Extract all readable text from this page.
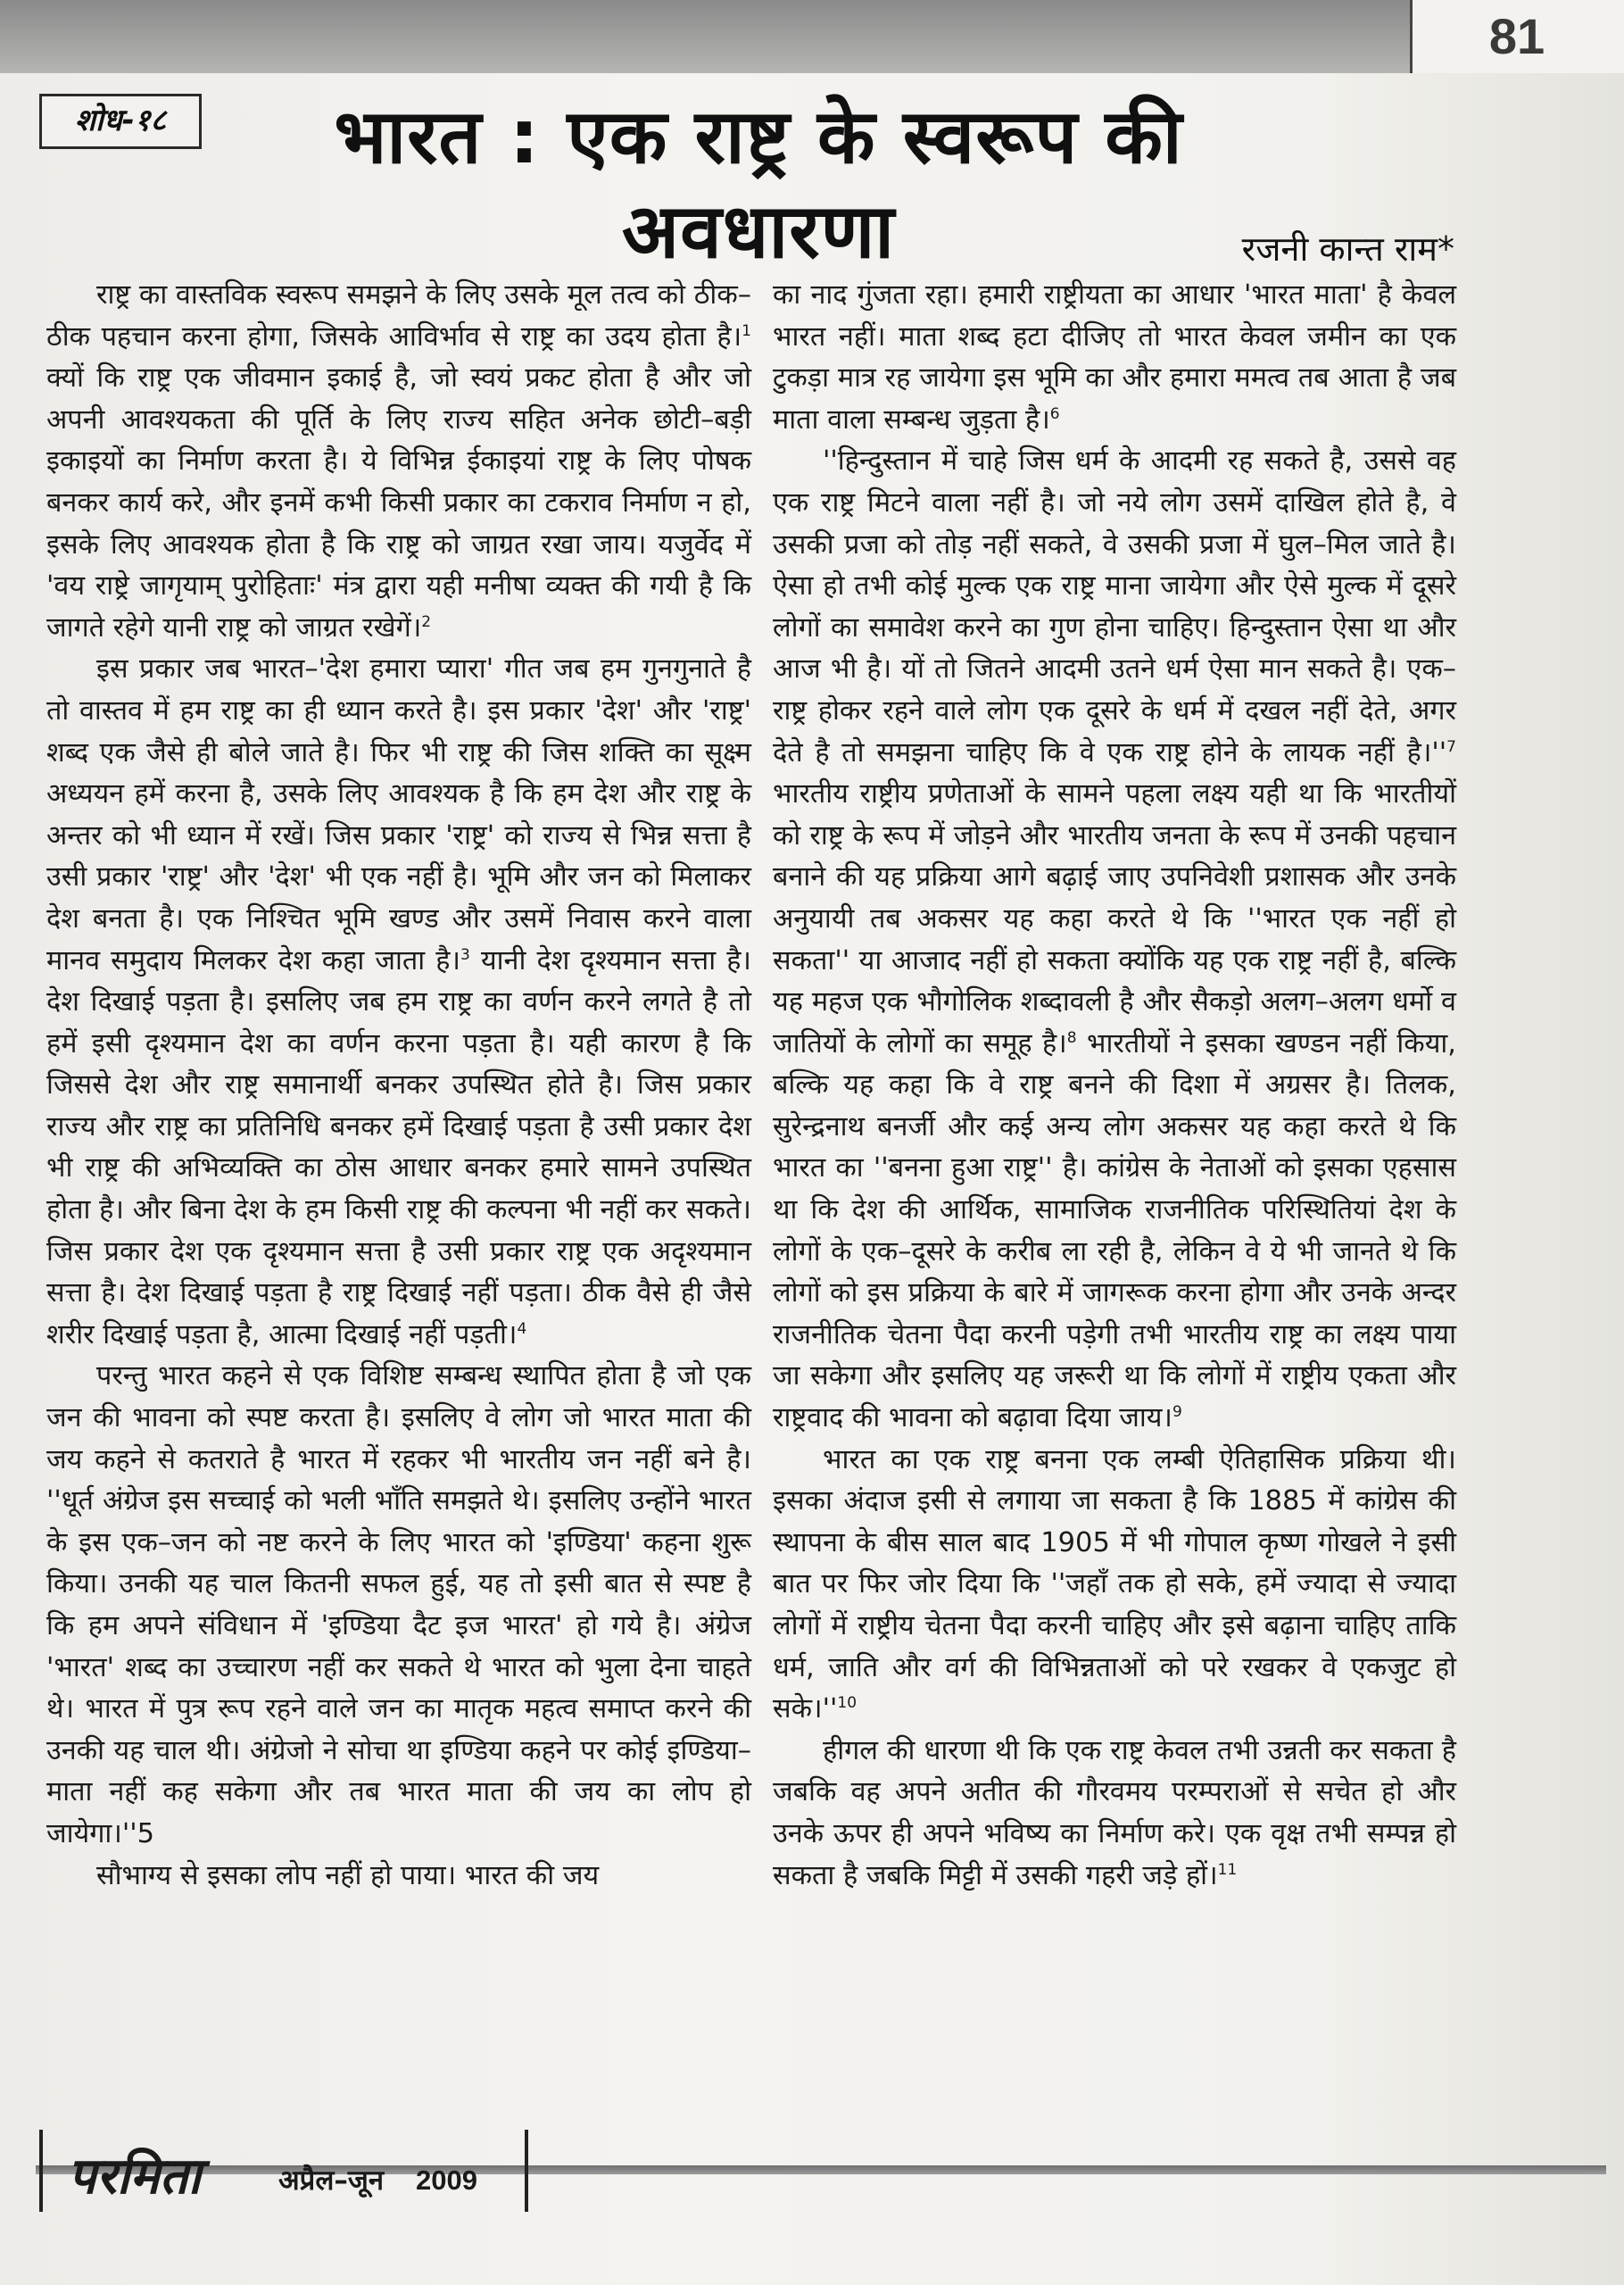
81
शोध-१८	भारत : एक राष्ट्र के स्वरूप की अवधारणा	रजनी कान्त राम*

राष्ट्र का वास्तविक स्वरूप समझने के लिए उसके मूल तत्व को ठीक–ठीक पहचान करना होगा, जिसके आविर्भाव से राष्ट्र का उदय होता है।$^1$ क्यों कि राष्ट्र एक जीवमान इकाई है, जो स्वयं प्रकट होता है और जो अपनी आवश्यकता की पूर्ति के लिए राज्य सहित अनेक छोटी–बड़ी इकाइयों का निर्माण करता है। ये विभिन्न ईकाइयां राष्ट्र के लिए पोषक बनकर कार्य करे, और इनमें कभी किसी प्रकार का टकराव निर्माण न हो, इसके लिए आवश्यक होता है कि राष्ट्र को जाग्रत रखा जाय। यजुर्वेद में 'वय राष्ट्रे जागृयाम् पुरोहिताः' मंत्र द्वारा यही मनीषा व्यक्त की गयी है कि जागते रहेगे यानी राष्ट्र को जाग्रत रखेगें।$^2$

इस प्रकार जब भारत–'देश हमारा प्यारा' गीत जब हम गुनगुनाते है तो वास्तव में हम राष्ट्र का ही ध्यान करते है। इस प्रकार 'देश' और 'राष्ट्र' शब्द एक जैसे ही बोले जाते है। फिर भी राष्ट्र की जिस शक्ति का सूक्ष्म अध्ययन हमें करना है, उसके लिए आवश्यक है कि हम देश और राष्ट्र के अन्तर को भी ध्यान में रखें। जिस प्रकार 'राष्ट्र' को राज्य से भिन्न सत्ता है उसी प्रकार 'राष्ट्र' और 'देश' भी एक नहीं है। भूमि और जन को मिलाकर देश बनता है। एक निश्चित भूमि खण्ड और उसमें निवास करने वाला मानव समुदाय मिलकर देश कहा जाता है।$^3$ यानी देश दृश्यमान सत्ता है। देश दिखाई पड़ता है। इसलिए जब हम राष्ट्र का वर्णन करने लगते है तो हमें इसी दृश्यमान देश का वर्णन करना पड़ता है। यही कारण है कि जिससे देश और राष्ट्र समानार्थी बनकर उपस्थित होते है। जिस प्रकार राज्य और राष्ट्र का प्रतिनिधि बनकर हमें दिखाई पड़ता है उसी प्रकार देश भी राष्ट्र की अभिव्यक्ति का ठोस आधार बनकर हमारे सामने उपस्थित होता है। और बिना देश के हम किसी राष्ट्र की कल्पना भी नहीं कर सकते। जिस प्रकार देश एक दृश्यमान सत्ता है उसी प्रकार राष्ट्र एक अदृश्यमान सत्ता है। देश दिखाई पड़ता है राष्ट्र दिखाई नहीं पड़ता। ठीक वैसे ही जैसे शरीर दिखाई पड़ता है, आत्मा दिखाई नहीं पड़ती।$^4$

परन्तु भारत कहने से एक विशिष्ट सम्बन्ध स्थापित होता है जो एक जन की भावना को स्पष्ट करता है। इसलिए वे लोग जो भारत माता की जय कहने से कतराते है भारत में रहकर भी भारतीय जन नहीं बने है। ''धूर्त अंग्रेज इस सच्चाई को भली भाँति समझते थे। इसलिए उन्होंने भारत के इस एक–जन को नष्ट करने के लिए भारत को 'इण्डिया' कहना शुरू किया। उनकी यह चाल कितनी सफल हुई, यह तो इसी बात से स्पष्ट है कि हम अपने संविधान में 'इण्डिया दैट इज भारत' हो गये है। अंग्रेज 'भारत' शब्द का उच्चारण नहीं कर सकते थे भारत को भुला देना चाहते थे। भारत में पुत्र रूप रहने वाले जन का मातृक महत्व समाप्त करने की उनकी यह चाल थी। अंग्रेजो ने सोचा था इण्डिया कहने पर कोई इण्डिया–माता नहीं कह सकेगा और तब भारत माता की जय का लोप हो जायेगा।''5

सौभाग्य से इसका लोप नहीं हो पाया। भारत की जय

का नाद गुंजता रहा। हमारी राष्ट्रीयता का आधार 'भारत माता' है केवल भारत नहीं। माता शब्द हटा दीजिए तो भारत केवल जमीन का एक टुकड़ा मात्र रह जायेगा इस भूमि का और हमारा ममत्व तब आता है जब माता वाला सम्बन्ध जुड़ता है।$^6$

''हिन्दुस्तान में चाहे जिस धर्म के आदमी रह सकते है, उससे वह एक राष्ट्र मिटने वाला नहीं है। जो नये लोग उसमें दाखिल होते है, वे उसकी प्रजा को तोड़ नहीं सकते, वे उसकी प्रजा में घुल–मिल जाते है। ऐसा हो तभी कोई मुल्क एक राष्ट्र माना जायेगा और ऐसे मुल्क में दूसरे लोगों का समावेश करने का गुण होना चाहिए। हिन्दुस्तान ऐसा था और आज भी है। यों तो जितने आदमी उतने धर्म ऐसा मान सकते है। एक–राष्ट्र होकर रहने वाले लोग एक दूसरे के धर्म में दखल नहीं देते, अगर देते है तो समझना चाहिए कि वे एक राष्ट्र होने के लायक नहीं $है।''^7$ भारतीय राष्ट्रीय प्रणेताओं के सामने पहला लक्ष्य यही था कि भारतीयों को राष्ट्र के रूप में जोड़ने और भारतीय जनता के रूप में उनकी पहचान बनाने की यह प्रक्रिया आगे बढ़ाई जाए उपनिवेशी प्रशासक और उनके अनुयायी तब अकसर यह कहा करते थे कि ''भारत एक नहीं हो सकता'' या आजाद नहीं हो सकता क्योंकि यह एक राष्ट्र नहीं है, बल्कि यह महज एक भौगोलिक शब्दावली है और सैकड़ो अलग–अलग धर्मो व जातियों के लोगों का समूह है।$^8$ भारतीयों ने इसका खण्डन नहीं किया, बल्कि यह कहा कि वे राष्ट्र बनने की दिशा में अग्रसर है। तिलक, सुरेन्द्रनाथ बनर्जी और कई अन्य लोग अकसर यह कहा करते थे कि भारत का ''बनना हुआ राष्ट्र'' है। कांग्रेस के नेताओं को इसका एहसास था कि देश की आर्थिक, सामाजिक राजनीतिक परिस्थितियां देश के लोगों के एक–दूसरे के करीब ला रही है, लेकिन वे ये भी जानते थे कि लोगों को इस प्रक्रिया के बारे में जागरूक करना होगा और उनके अन्दर राजनीतिक चेतना पैदा करनी पड़ेगी तभी भारतीय राष्ट्र का लक्ष्य पाया जा सकेगा और इसलिए यह जरूरी था कि लोगों में राष्ट्रीय एकता और राष्ट्रवाद की भावना को बढ़ावा दिया जाय।$^9$

भारत का एक राष्ट्र बनना एक लम्बी ऐतिहासिक प्रक्रिया थी। इसका अंदाज इसी से लगाया जा सकता है कि 1885 में कांग्रेस की स्थापना के बीस साल बाद 1905 में भी गोपाल कृष्ण गोखले ने इसी बात पर फिर जोर दिया कि ''जहाँ तक हो सके, हमें ज्यादा से ज्यादा लोगों में राष्ट्रीय चेतना पैदा करनी चाहिए और इसे बढ़ाना चाहिए ताकि धर्म, जाति और वर्ग की विभिन्नताओं को परे रखकर वे एकजुट हो $सके।''^{10}$

हीगल की धारणा थी कि एक राष्ट्र केवल तभी उन्नती कर सकता है जबकि वह अपने अतीत की गौरवमय परम्पराओं से सचेत हो और उनके ऊपर ही अपने भविष्य का निर्माण करे। एक वृक्ष तभी सम्पन्न हो सकता है जबकि मिट्टी में उसकी गहरी जड़े हों।$^{11}$

परमिता	अप्रैल–जून	2009
